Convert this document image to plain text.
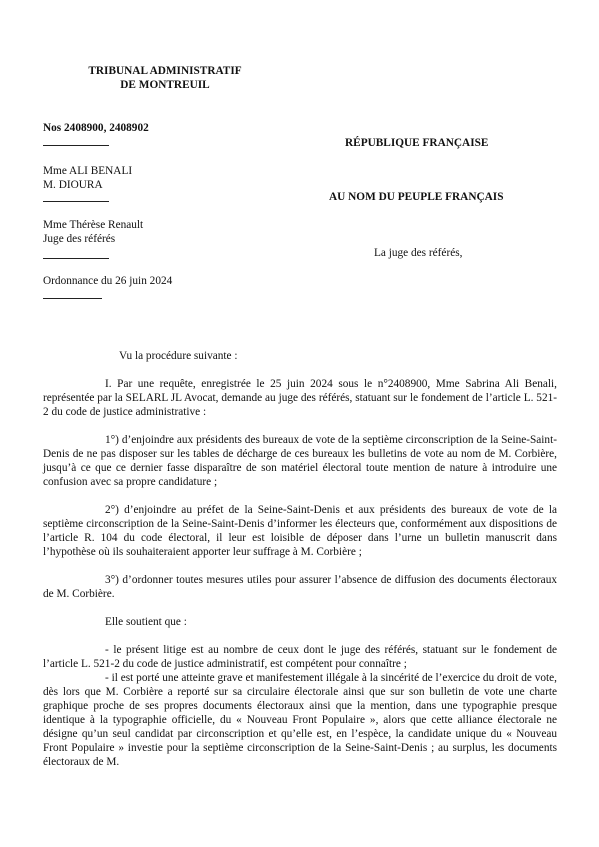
TRIBUNAL ADMINISTRATIF
DE MONTREUIL
Nos 2408900, 2408902
Mme ALI BENALI
M. DIOURA
Mme Thérèse Renault
Juge des référés
Ordonnance du 26 juin 2024
RÉPUBLIQUE FRANÇAISE
AU NOM DU PEUPLE FRANÇAIS
La juge des référés,
Vu la procédure suivante :
I. Par une requête, enregistrée le 25 juin 2024 sous le n°2408900, Mme Sabrina Ali Benali, représentée par la SELARL JL Avocat, demande au juge des référés, statuant sur le fondement de l’article L. 521-2 du code de justice administrative :
1°) d’enjoindre aux présidents des bureaux de vote de la septième circonscription de la Seine-Saint-Denis de ne pas disposer sur les tables de décharge de ces bureaux les bulletins de vote au nom de M. Corbière, jusqu’à ce que ce dernier fasse disparaître de son matériel électoral toute mention de nature à introduire une confusion avec sa propre candidature ;
2°) d’enjoindre au préfet de la Seine-Saint-Denis et aux présidents des bureaux de vote de la septième circonscription de la Seine-Saint-Denis d’informer les électeurs que, conformément aux dispositions de l’article R. 104 du code électoral, il leur est loisible de déposer dans l’urne un bulletin manuscrit dans l’hypothèse où ils souhaiteraient apporter leur suffrage à M. Corbière ;
3°) d’ordonner toutes mesures utiles pour assurer l’absence de diffusion des documents électoraux de M. Corbière.
Elle soutient que :
- le présent litige est au nombre de ceux dont le juge des référés, statuant sur le fondement de l’article L. 521-2 du code de justice administratif, est compétent pour connaître ;
- il est porté une atteinte grave et manifestement illégale à la sincérité de l’exercice du droit de vote, dès lors que M. Corbière a reporté sur sa circulaire électorale ainsi que sur son bulletin de vote une charte graphique proche de ses propres documents électoraux ainsi que la mention, dans une typographie presque identique à la typographie officielle, du « Nouveau Front Populaire », alors que cette alliance électorale ne désigne qu’un seul candidat par circonscription et qu’elle est, en l’espèce, la candidate unique du « Nouveau Front Populaire » investie pour la septième circonscription de la Seine-Saint-Denis ; au surplus, les documents électoraux de M.
